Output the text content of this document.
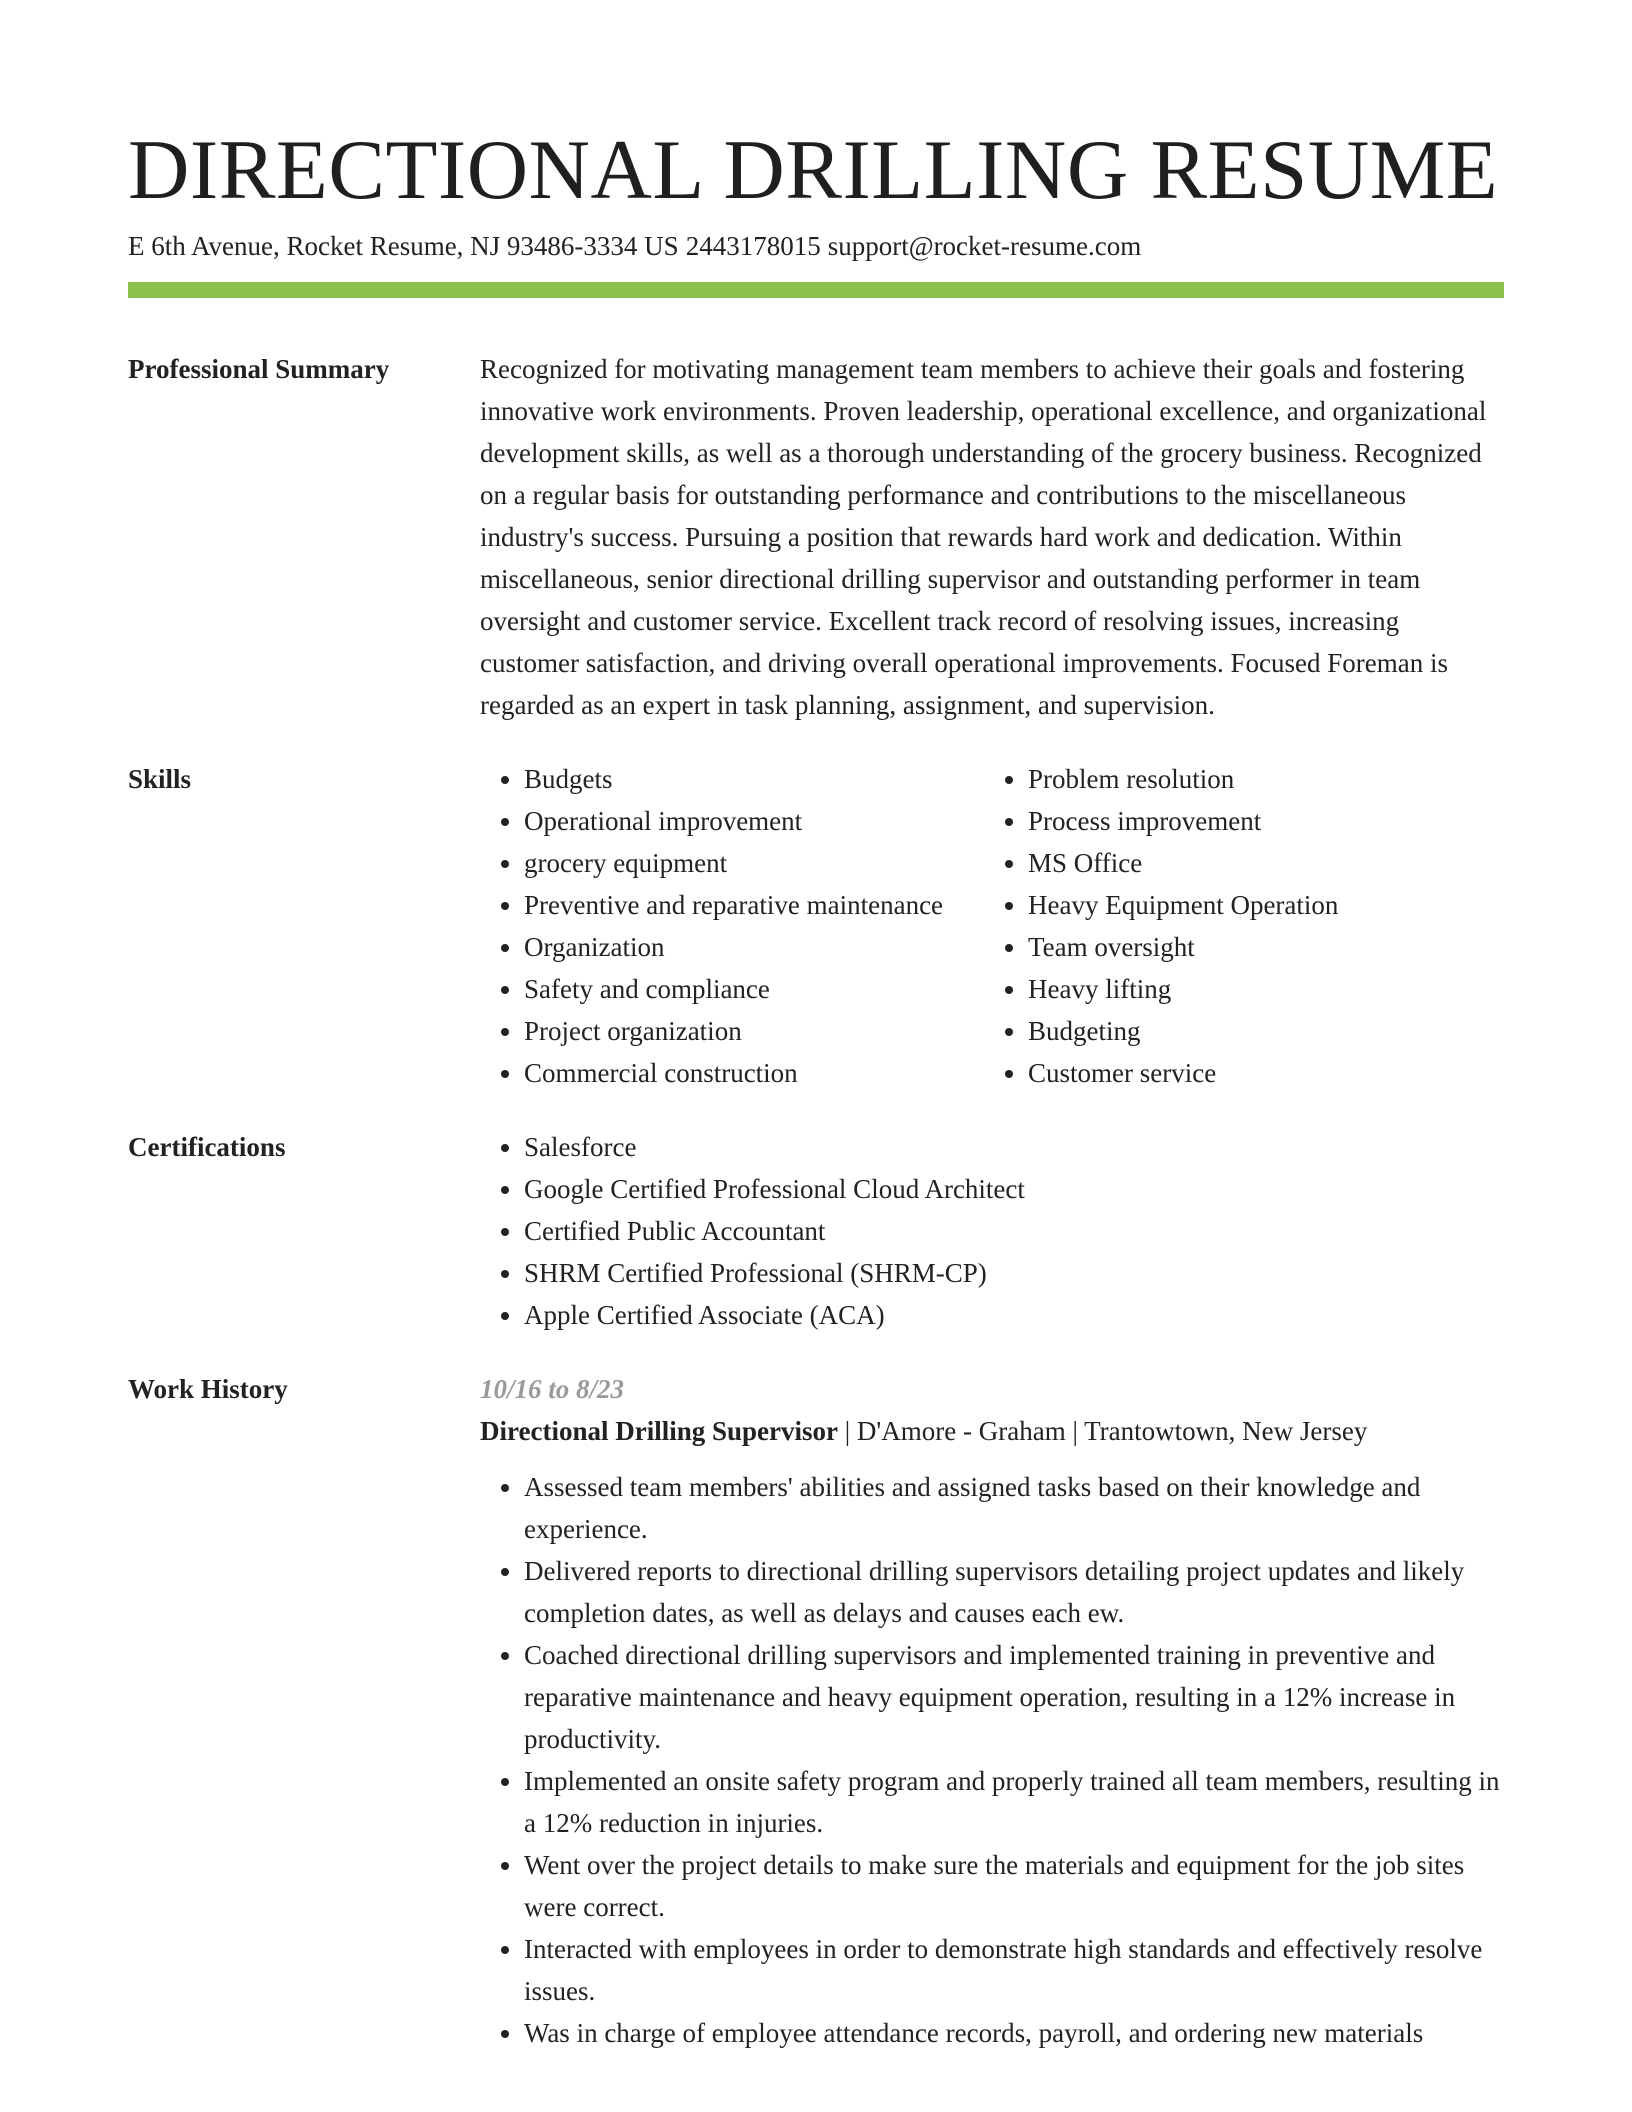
DIRECTIONAL DRILLING RESUME
E 6th Avenue, Rocket Resume, NJ 93486-3334 US 2443178015 support@rocket-resume.com
Professional Summary	Recognized for motivating management team members to achieve their goals and fostering innovative work environments. Proven leadership, operational excellence, and organizational development skills, as well as a thorough understanding of the grocery business. Recognized on a regular basis for outstanding performance and contributions to the miscellaneous industry's success. Pursuing a position that rewards hard work and dedication. Within miscellaneous, senior directional drilling supervisor and outstanding performer in team oversight and customer service. Excellent track record of resolving issues, increasing customer satisfaction, and driving overall operational improvements. Focused Foreman is regarded as an expert in task planning, assignment, and supervision.

Skills	• Budgets
• Operational improvement
• grocery equipment
• Preventive and reparative maintenance
• Organization
• Safety and compliance
• Project organization
• Commercial construction
• Problem resolution
• Process improvement
• MS Office
• Heavy Equipment Operation
• Team oversight
• Heavy lifting
• Budgeting
• Customer service
Certifications	• Salesforce
• Google Certified Professional Cloud Architect
• Certified Public Accountant
• SHRM Certified Professional (SHRM-CP)
• Apple Certified Associate (ACA)
Work History	10/16 to 8/23
Directional Drilling Supervisor | D'Amore - Graham | Trantowtown, New Jersey
• Assessed team members' abilities and assigned tasks based on their knowledge and experience.
• Delivered reports to directional drilling supervisors detailing project updates and likely completion dates, as well as delays and causes each ew.
• Coached directional drilling supervisors and implemented training in preventive and reparative maintenance and heavy equipment operation, resulting in a 12% increase in productivity.
• Implemented an onsite safety program and properly trained all team members, resulting in a 12% reduction in injuries.
• Went over the project details to make sure the materials and equipment for the job sites were correct.
• Interacted with employees in order to demonstrate high standards and effectively resolve issues.
• Was in charge of employee attendance records, payroll, and ordering new materials
